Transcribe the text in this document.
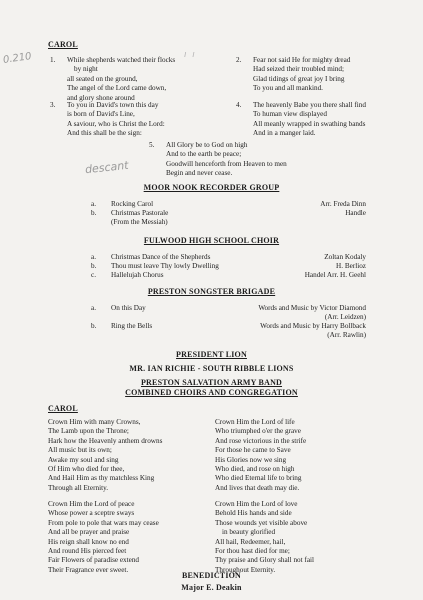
0.210	ı  ı
descant
CAROL
1. While shepherds watched their flocks
by night
all seated on the ground,
The angel of the Lord came down,
and glory shone around
2. Fear not said He for mighty dread
Had seized their troubled mind;
Glad tidings of great joy I bring
To you and all mankind.
3. To you in David's town this day
is born of David's Line,
A saviour, who is Christ the Lord:
And this shall be the sign:
4. The heavenly Babe you there shall find
To human view displayed
All meanly wrapped in swathing bands
And in a manger laid.
5. All Glory be to God on high
And to the earth be peace;
Goodwill henceforth from Heaven to men
Begin and never cease.
MOOR NOOK RECORDER GROUP
a. Rocking Carol	Arr. Freda Dinn
b. Christmas Pastorale	Handle
(From the Messiah)
FULWOOD HIGH SCHOOL CHOIR
a. Christmas Dance of the Shepherds	Zoltan Kodaly
b. Thou must leave Thy lowly Dwelling	H. Berlioz
c. Hallelujah Chorus	Handel Arr. H. Geehl
PRESTON SONGSTER BRIGADE
a. On this Day	Words and Music by Victor Diamond
(Arr. Leidzen)
b. Ring the Bells	Words and Music by Harry Bollback
(Arr. Rawlin)
PRESIDENT LION
MR. IAN RICHIE - SOUTH RIBBLE LIONS
PRESTON SALVATION ARMY BAND
COMBINED CHOIRS AND CONGREGATION
CAROL
Crown Him with many Crowns,
The Lamb upon the Throne;
Hark how the Heavenly anthem drowns
All music but its own;
Awake my soul and sing
Of Him who died for thee,
And Hail Him as thy matchless King
Through all Eternity.
Crown Him the Lord of life
Who triumphed o'er the grave
And rose victorious in the strife
For those he came to Save
His Glories now we sing
Who died, and rose on high
Who died Eternal life to bring
And lives that death may die.
Crown Him the Lord of peace
Whose power a sceptre sways
From pole to pole that wars may cease
And all be prayer and praise
His reign shall know no end
And round His pierced feet
Fair Flowers of paradise extend
Their Fragrance ever sweet.
Crown Him the Lord of love
Behold His hands and side
Those wounds yet visible above
in beauty glorified
All hail, Redeemer, hail,
For thou hast died for me;
Thy praise and Glory shall not fail
Throughout Eternity.
BENEDICTION
Major E. Deakin
